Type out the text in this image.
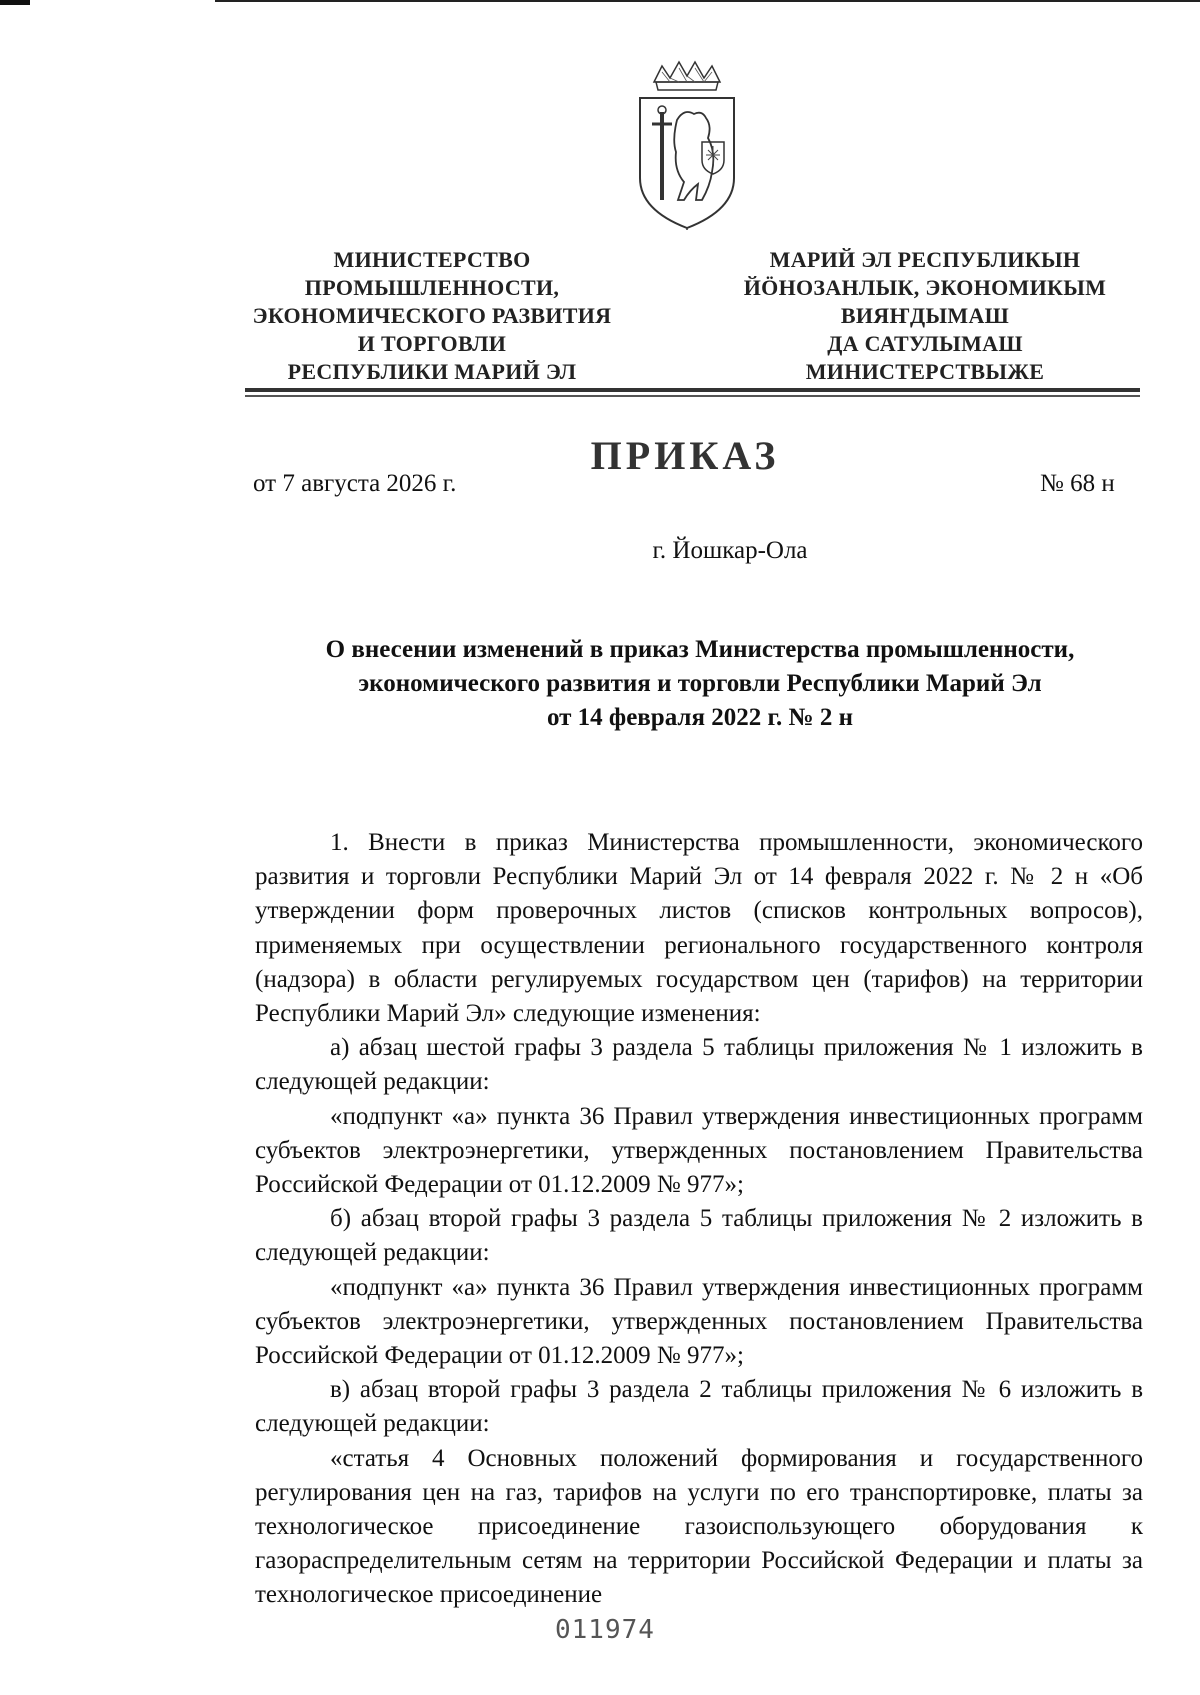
МИНИСТЕРСТВО
ПРОМЫШЛЕННОСТИ,
ЭКОНОМИЧЕСКОГО РАЗВИТИЯ
И ТОРГОВЛИ
РЕСПУБЛИКИ МАРИЙ ЭЛ
МАРИЙ ЭЛ РЕСПУБЛИКЫН
ЙÖНОЗАНЛЫК, ЭКОНОМИКЫМ
ВИЯҤДЫМАШ
ДА САТУЛЫМАШ
МИНИСТЕРСТВЫЖЕ
ПРИКАЗ
от 7 августа 2026 г.	№ 68 н
г. Йошкар-Ола
О внесении изменений в приказ Министерства промышленности,
экономического развития и торговли Республики Марий Эл
от 14 февраля 2022 г. № 2 н

1. Внести в приказ Министерства промышленности, экономического развития и торговли Республики Марий Эл от 14 февраля 2022 г. № 2 н «Об утверждении форм проверочных листов (списков контрольных вопросов), применяемых при осуществлении регионального государственного контроля (надзора) в области регулируемых государством цен (тарифов) на территории Республики Марий Эл» следующие изменения:

а) абзац шестой графы 3 раздела 5 таблицы приложения № 1 изложить в следующей редакции:

«подпункт «а» пункта 36 Правил утверждения инвестиционных программ субъектов электроэнергетики, утвержденных постановлением Правительства Российской Федерации от 01.12.2009 № 977»;

б) абзац второй графы 3 раздела 5 таблицы приложения № 2 изложить в следующей редакции:

«подпункт «а» пункта 36 Правил утверждения инвестиционных программ субъектов электроэнергетики, утвержденных постановлением Правительства Российской Федерации от 01.12.2009 № 977»;

в) абзац второй графы 3 раздела 2 таблицы приложения № 6 изложить в следующей редакции:

«статья 4 Основных положений формирования и государственного регулирования цен на газ, тарифов на услуги по его транспортировке, платы за технологическое присоединение газоиспользующего оборудования к газораспределительным сетям на территории Российской Федерации и платы за технологическое присоединение

011974
